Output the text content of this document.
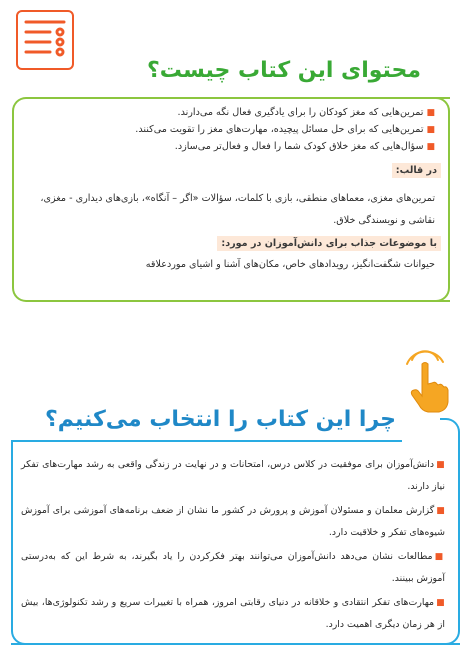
محتوای این کتاب چیست؟
■تمرین‌هایی که مغز کودکان را برای یادگیری فعال نگه می‌دارند.
■تمرین‌هایی که برای حل مسائل پیچیده، مهارت‌های مغز را تقویت می‌کنند.
■سؤال‌هایی که مغز خلاق کودک شما را فعال و فعال‌تر می‌سازد.
در قالب:
تمرین‌های مغزی، معماهای منطقی، بازی با کلمات، سؤالات «اگر – آنگاه»، بازی‌های دیداری - مغزی، نقاشی و نویسندگی خلاق.
با موضوعات جذاب برای دانش‌آموزان در مورد:
حیوانات شگفت‌انگیز، رویدادهای خاص، مکان‌های آشنا و اشیای موردعلاقه
چرا این کتاب را انتخاب می‌کنیم؟
■دانش‌آموزان برای موفقیت در کلاس درس، امتحانات و در نهایت در زندگی واقعی به رشد مهارت‌های تفکر نیاز دارند.
■گزارش معلمان و مسئولان آموزش و پرورش در کشور ما نشان از ضعف برنامه‌های آموزشی برای آموزش شیوه‌های تفکر و خلاقیت دارد.
■مطالعات نشان می‌دهد دانش‌آموزان می‌توانند بهتر فکرکردن را یاد بگیرند، به شرط این که به‌درستی آموزش ببینند.
■مهارت‌های تفکر انتقادی و خلاقانه در دنیای رقابتی امروز، همراه با تغییرات سریع و رشد تکنولوژی‌ها، بیش از هر زمان دیگری اهمیت دارد.
